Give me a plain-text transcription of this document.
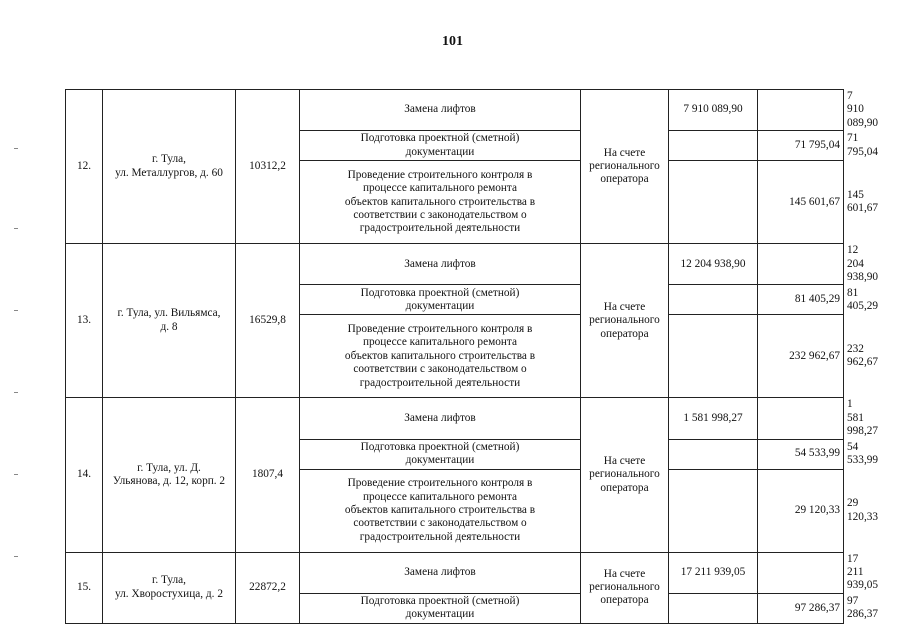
101
12.	г. Тула,
ул. Металлургов, д. 60	10312,2	Замена лифтов	На счете
регионального
оператора	7 910 089,90		7 910 089,90
			Подготовка проектной (сметной)
документации			71 795,04	71 795,04
			Проведение строительного контроля в
процессе капитального ремонта
объектов капитального строительства в
соответствии с законодательством о
градостроительной деятельности			145 601,67	145 601,67
13.	г. Тула, ул. Вильямса,
д. 8	16529,8	Замена лифтов	На счете
регионального
оператора	12 204 938,90		12 204
938,90
			Подготовка проектной (сметной)
документации			81 405,29	81 405,29
			Проведение строительного контроля в
процессе капитального ремонта
объектов капитального строительства в
соответствии с законодательством о
градостроительной деятельности			232 962,67	232 962,67
14.	г. Тула, ул. Д.
Ульянова, д. 12, корп. 2	1807,4	Замена лифтов	На счете
регионального
оператора	1 581 998,27		1 581 998,27
			Подготовка проектной (сметной)
документации			54 533,99	54 533,99
			Проведение строительного контроля в
процессе капитального ремонта
объектов капитального строительства в
соответствии с законодательством о
градостроительной деятельности			29 120,33	29 120,33
15.	г. Тула,
ул. Хворостухица, д. 2	22872,2	Замена лифтов	На счете
регионального
оператора	17 211 939,05		17 211
939,05
			Подготовка проектной (сметной)
документации			97 286,37	97 286,37
